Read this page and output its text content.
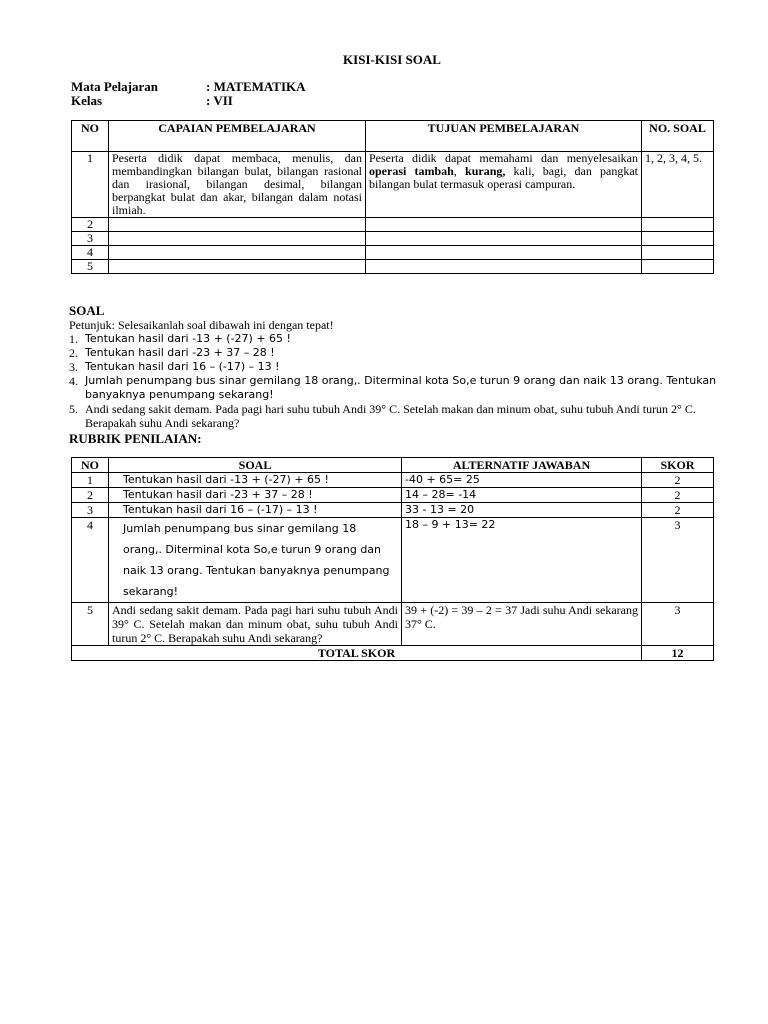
KISI-KISI SOAL
Mata Pelajaran	: MATEMATIKA
Kelas	: VII
NO	CAPAIAN PEMBELAJARAN	TUJUAN PEMBELAJARAN	NO. SOAL
1	Peserta didik dapat membaca, menulis, dan membandingkan bilangan bulat, bilangan rasional dan irasional, bilangan desimal, bilangan berpangkat bulat dan akar, bilangan dalam notasi ilmiah.	Peserta didik dapat memahami dan menyelesaikan operasi tambah, kurang, kali, bagi, dan pangkat bilangan bulat termasuk operasi campuran.	1, 2, 3, 4, 5.
2			
3			
4			
5			
SOAL
Petunjuk: Selesaikanlah soal dibawah ini dengan tepat!
1. Tentukan hasil dari -13 + (-27) + 65 !
2. Tentukan hasil dari -23 + 37 – 28 !
3. Tentukan hasil dari 16 – (-17) – 13 !
4. Jumlah penumpang bus sinar gemilang 18 orang,. Diterminal kota So,e turun 9 orang dan naik 13 orang. Tentukan banyaknya penumpang sekarang!
5. Andi sedang sakit demam. Pada pagi hari suhu tubuh Andi 39° C. Setelah makan dan minum obat, suhu tubuh Andi turun 2° C. Berapakah suhu Andi sekarang?
RUBRIK PENILAIAN:
NO	SOAL	ALTERNATIF JAWABAN	SKOR
1	Tentukan hasil dari -13 + (-27) + 65 !	-40 + 65= 25	2
2	Tentukan hasil dari -23 + 37 – 28 !	14 – 28= -14	2
3	Tentukan hasil dari 16 – (-17) – 13 !	33 - 13 = 20	2
4	Jumlah penumpang bus sinar gemilang 18 orang,. Diterminal kota So,e turun 9 orang dan naik 13 orang. Tentukan banyaknya penumpang sekarang!	18 – 9 + 13= 22	3
5	Andi sedang sakit demam. Pada pagi hari suhu tubuh Andi 39° C. Setelah makan dan minum obat, suhu tubuh Andi turun 2° C. Berapakah suhu Andi sekarang?	39 + (-2) = 39 – 2 = 37 Jadi suhu Andi sekarang 37° C.	3
TOTAL SKOR			12
